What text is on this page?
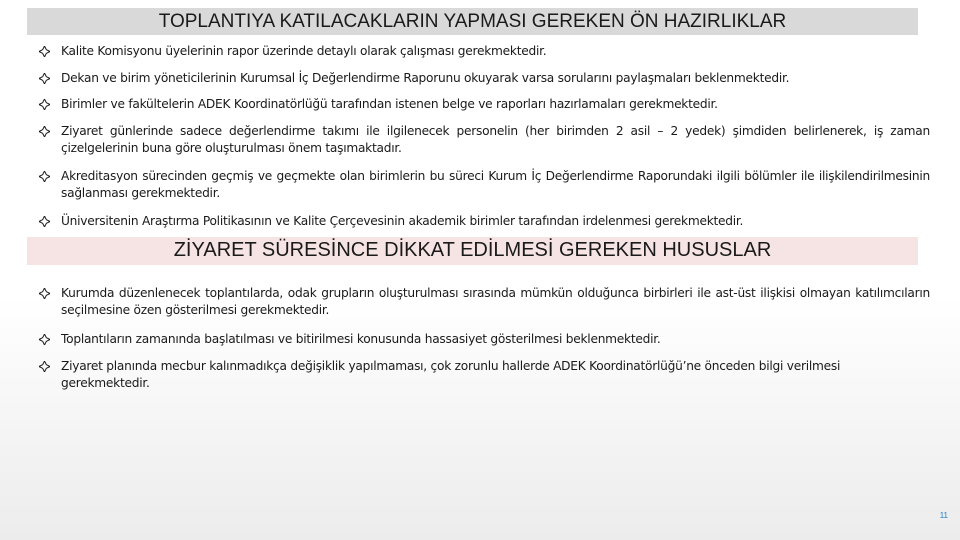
TOPLANTIYA KATILACAKLARIN YAPMASI GEREKEN ÖN HAZIRLIKLAR
Kalite Komisyonu üyelerinin rapor üzerinde detaylı olarak çalışması gerekmektedir.
Dekan ve birim yöneticilerinin Kurumsal İç Değerlendirme Raporunu okuyarak varsa sorularını paylaşmaları beklenmektedir.
Birimler ve fakültelerin ADEK Koordinatörlüğü tarafından istenen belge ve raporları hazırlamaları gerekmektedir.
Ziyaret günlerinde sadece değerlendirme takımı ile ilgilenecek personelin (her birimden 2 asil – 2 yedek) şimdiden belirlenerek, iş zaman çizelgelerinin buna göre oluşturulması önem taşımaktadır.
Akreditasyon sürecinden geçmiş ve geçmekte olan birimlerin bu süreci Kurum İç Değerlendirme Raporundaki ilgili bölümler ile ilişkilendirilmesinin sağlanması gerekmektedir.
Üniversitenin Araştırma Politikasının ve Kalite Çerçevesinin akademik birimler tarafından irdelenmesi gerekmektedir.
ZİYARET SÜRESİNCE DİKKAT EDİLMESİ GEREKEN HUSUSLAR
Kurumda düzenlenecek toplantılarda, odak grupların oluşturulması sırasında mümkün olduğunca birbirleri ile ast-üst ilişkisi olmayan katılımcıların seçilmesine özen gösterilmesi gerekmektedir.
Toplantıların zamanında başlatılması ve bitirilmesi konusunda hassasiyet gösterilmesi beklenmektedir.
Ziyaret planında mecbur kalınmadıkça değişiklik yapılmaması, çok zorunlu hallerde ADEK Koordinatörlüğü’ne önceden bilgi verilmesi gerekmektedir.
11
